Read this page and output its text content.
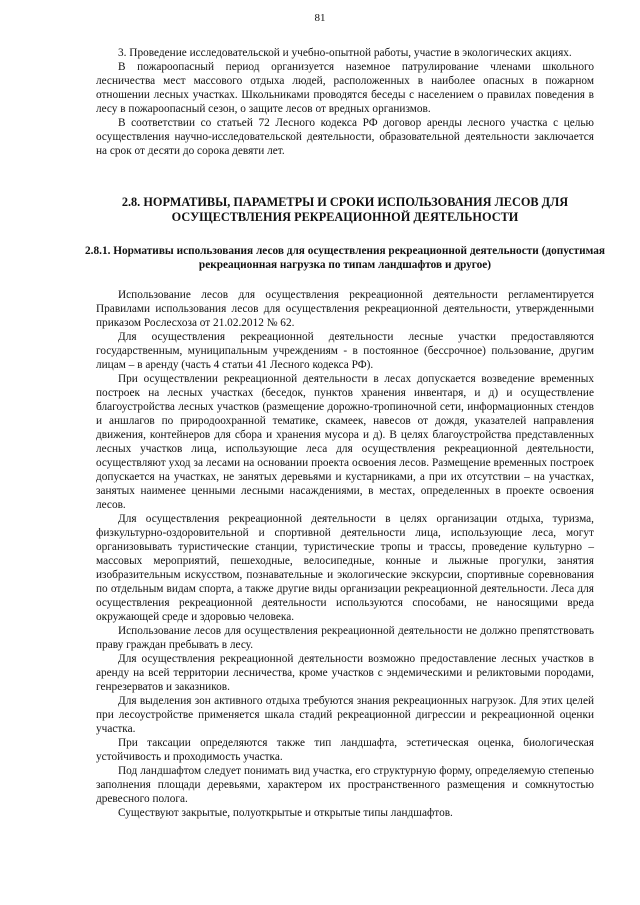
81

3. Проведение исследовательской и учебно-опытной работы, участие в экологических акциях.

В пожароопасный период организуется наземное патрулирование членами школьного лесничества мест массового отдыха людей, расположенных в наиболее опасных в пожарном отношении лесных участках. Школьниками проводятся беседы с населением о правилах поведения в лесу в пожароопасный сезон, о защите лесов от вредных организмов.

В соответствии со статьей 72 Лесного кодекса РФ договор аренды лесного участка с целью осуществления научно-исследовательской деятельности, образовательной деятельности заключается на срок от десяти до сорока девяти лет.

2.8. НОРМАТИВЫ, ПАРАМЕТРЫ И СРОКИ ИСПОЛЬЗОВАНИЯ ЛЕСОВ ДЛЯ ОСУЩЕСТВЛЕНИЯ РЕКРЕАЦИОННОЙ ДЕЯТЕЛЬНОСТИ
2.8.1. Нормативы использования лесов для осуществления рекреационной деятельности (допустимая рекреационная нагрузка по типам ландшафтов и другое)

Использование лесов для осуществления рекреационной деятельности регламентируется Правилами использования лесов для осуществления рекреационной деятельности, утвержденными приказом Рослесхоза от 21.02.2012 № 62.

Для осуществления рекреационной деятельности лесные участки предоставляются государственным, муниципальным учреждениям - в постоянное (бессрочное) пользование, другим лицам – в аренду (часть 4 статьи 41 Лесного кодекса РФ).

При осуществлении рекреационной деятельности в лесах допускается возведение временных построек на лесных участках (беседок, пунктов хранения инвентаря, и д) и осуществление благоустройства лесных участков (размещение дорожно-тропиночной сети, информационных стендов и аншлагов по природоохранной тематике, скамеек, навесов от дождя, указателей направления движения, контейнеров для сбора и хранения мусора и д). В целях благоустройства представленных лесных участков лица, использующие леса для осуществления рекреационной деятельности, осуществляют уход за лесами на основании проекта освоения лесов. Размещение временных построек допускается на участках, не занятых деревьями и кустарниками, а при их отсутствии – на участках, занятых наименее ценными лесными насаждениями, в местах, определенных в проекте освоения лесов.

Для осуществления рекреационной деятельности в целях организации отдыха, туризма, физкультурно-оздоровительной и спортивной деятельности лица, использующие леса, могут организовывать туристические станции, туристические тропы и трассы, проведение культурно – массовых мероприятий, пешеходные, велосипедные, конные и лыжные прогулки, занятия изобразительным искусством, познавательные и экологические экскурсии, спортивные соревнования по отдельным видам спорта, а также другие виды организации рекреационной деятельности. Леса для осуществления рекреационной деятельности используются способами, не наносящими вреда окружающей среде и здоровью человека.

Использование лесов для осуществления рекреационной деятельности не должно препятствовать праву граждан пребывать в лесу.

Для осуществления рекреационной деятельности возможно предоставление лесных участков в аренду на всей территории лесничества, кроме участков с эндемическими и реликтовыми породами, генрезерватов и заказников.

Для выделения зон активного отдыха требуются знания рекреационных нагрузок. Для этих целей при лесоустройстве применяется шкала стадий рекреационной дигрессии и рекреационной оценки участка.

При таксации определяются также тип ландшафта, эстетическая оценка, биологическая устойчивость и проходимость участка.

Под ландшафтом следует понимать вид участка, его структурную форму, определяемую степенью заполнения площади деревьями, характером их пространственного размещения и сомкнутостью древесного полога.

Существуют закрытые, полуоткрытые и открытые типы ландшафтов.
